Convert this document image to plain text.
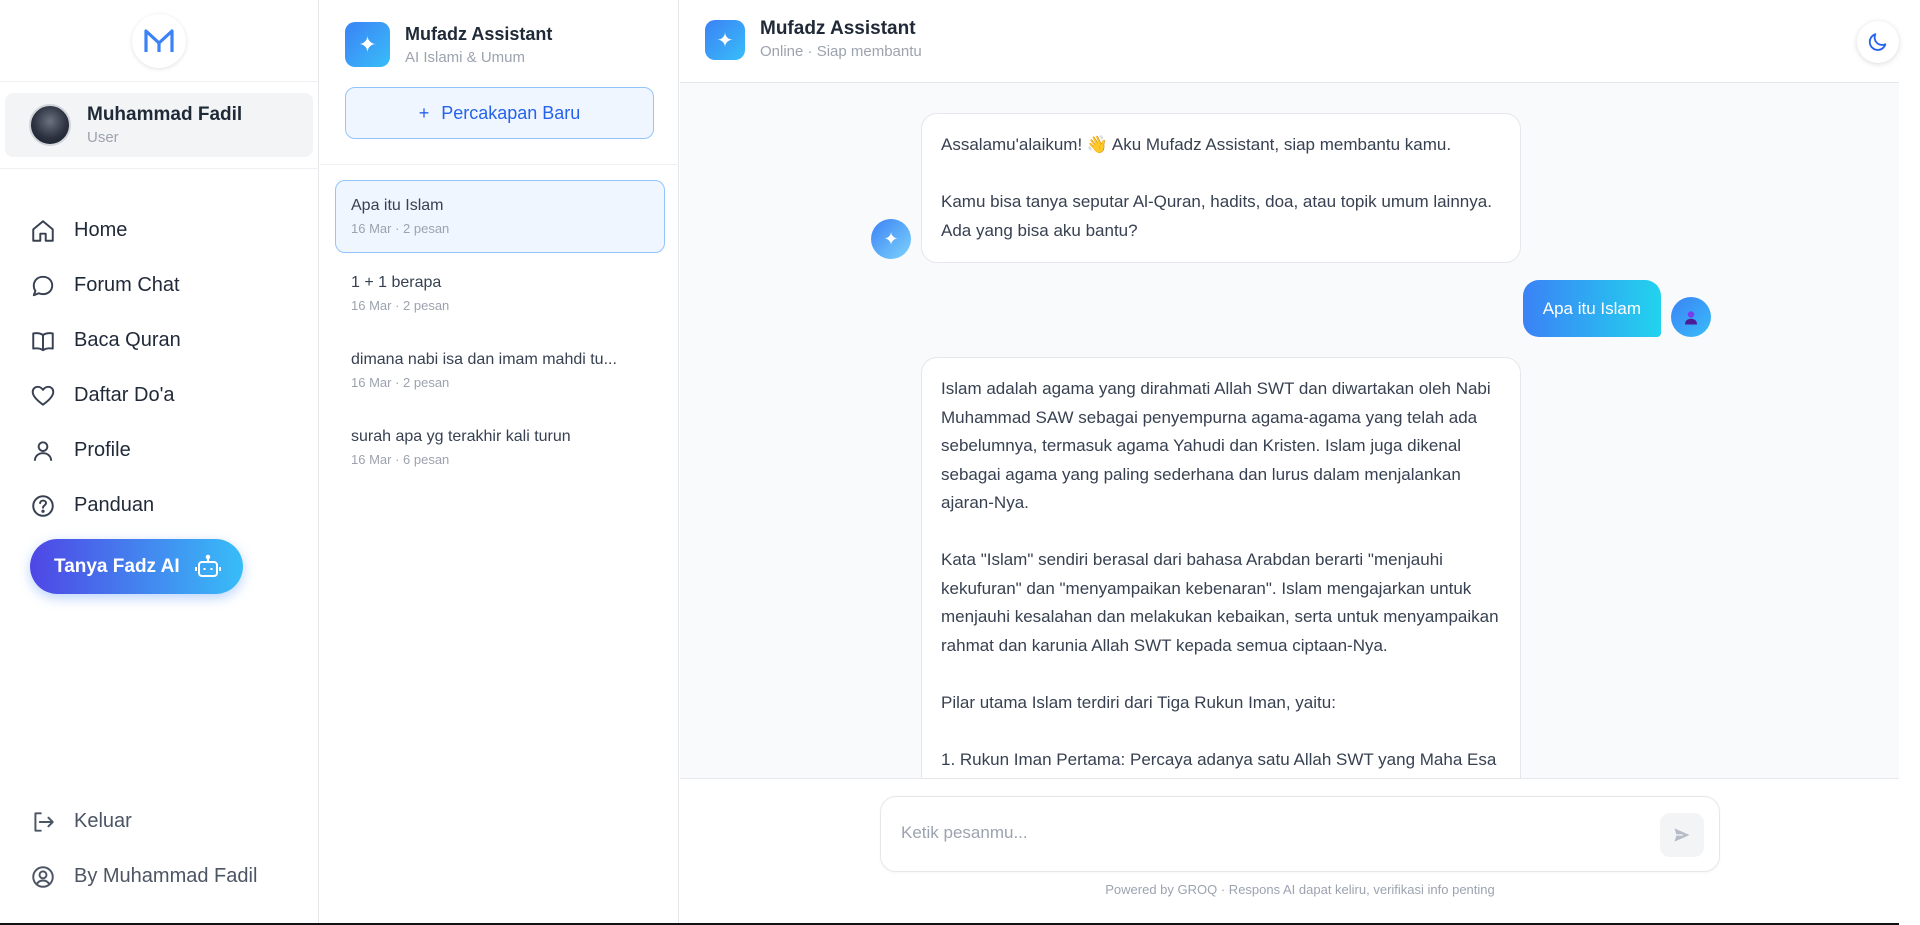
Muhammad Fadil
User
Home
Forum Chat
Baca Quran
Daftar Do'a
Profile
Panduan
Tanya Fadz AI
Keluar
By Muhammad Fadil
✦	Mufadz Assistant
AI Islami & Umum
+ Percakapan Baru
Apa itu Islam
16 Mar · 2 pesan
1 + 1 berapa
16 Mar · 2 pesan
dimana nabi isa dan imam mahdi tu...
16 Mar · 2 pesan
surah apa yg terakhir kali turun
16 Mar · 6 pesan
✦
Mufadz Assistant
Online · Siap membantu
✦
Assalamu'alaikum! 👋 Aku Mufadz Assistant, siap membantu kamu.

Kamu bisa tanya seputar Al-Quran, hadits, doa, atau topik umum lainnya. Ada yang bisa aku bantu?
Apa itu Islam
Islam adalah agama yang dirahmati Allah SWT dan diwartakan oleh Nabi Muhammad SAW sebagai penyempurna agama-agama yang telah ada sebelumnya, termasuk agama Yahudi dan Kristen. Islam juga dikenal sebagai agama yang paling sederhana dan lurus dalam menjalankan ajaran-Nya.

Kata "Islam" sendiri berasal dari bahasa Arabdan berarti "menjauhi kekufuran" dan "menyampaikan kebenaran". Islam mengajarkan untuk menjauhi kesalahan dan melakukan kebaikan, serta untuk menyampaikan rahmat dan karunia Allah SWT kepada semua ciptaan-Nya.

Pilar utama Islam terdiri dari Tiga Rukun Iman, yaitu:

1. Rukun Iman Pertama: Percaya adanya satu Allah SWT yang Maha Esa
Ketik pesanmu...
Powered by GROQ · Respons AI dapat keliru, verifikasi info penting
